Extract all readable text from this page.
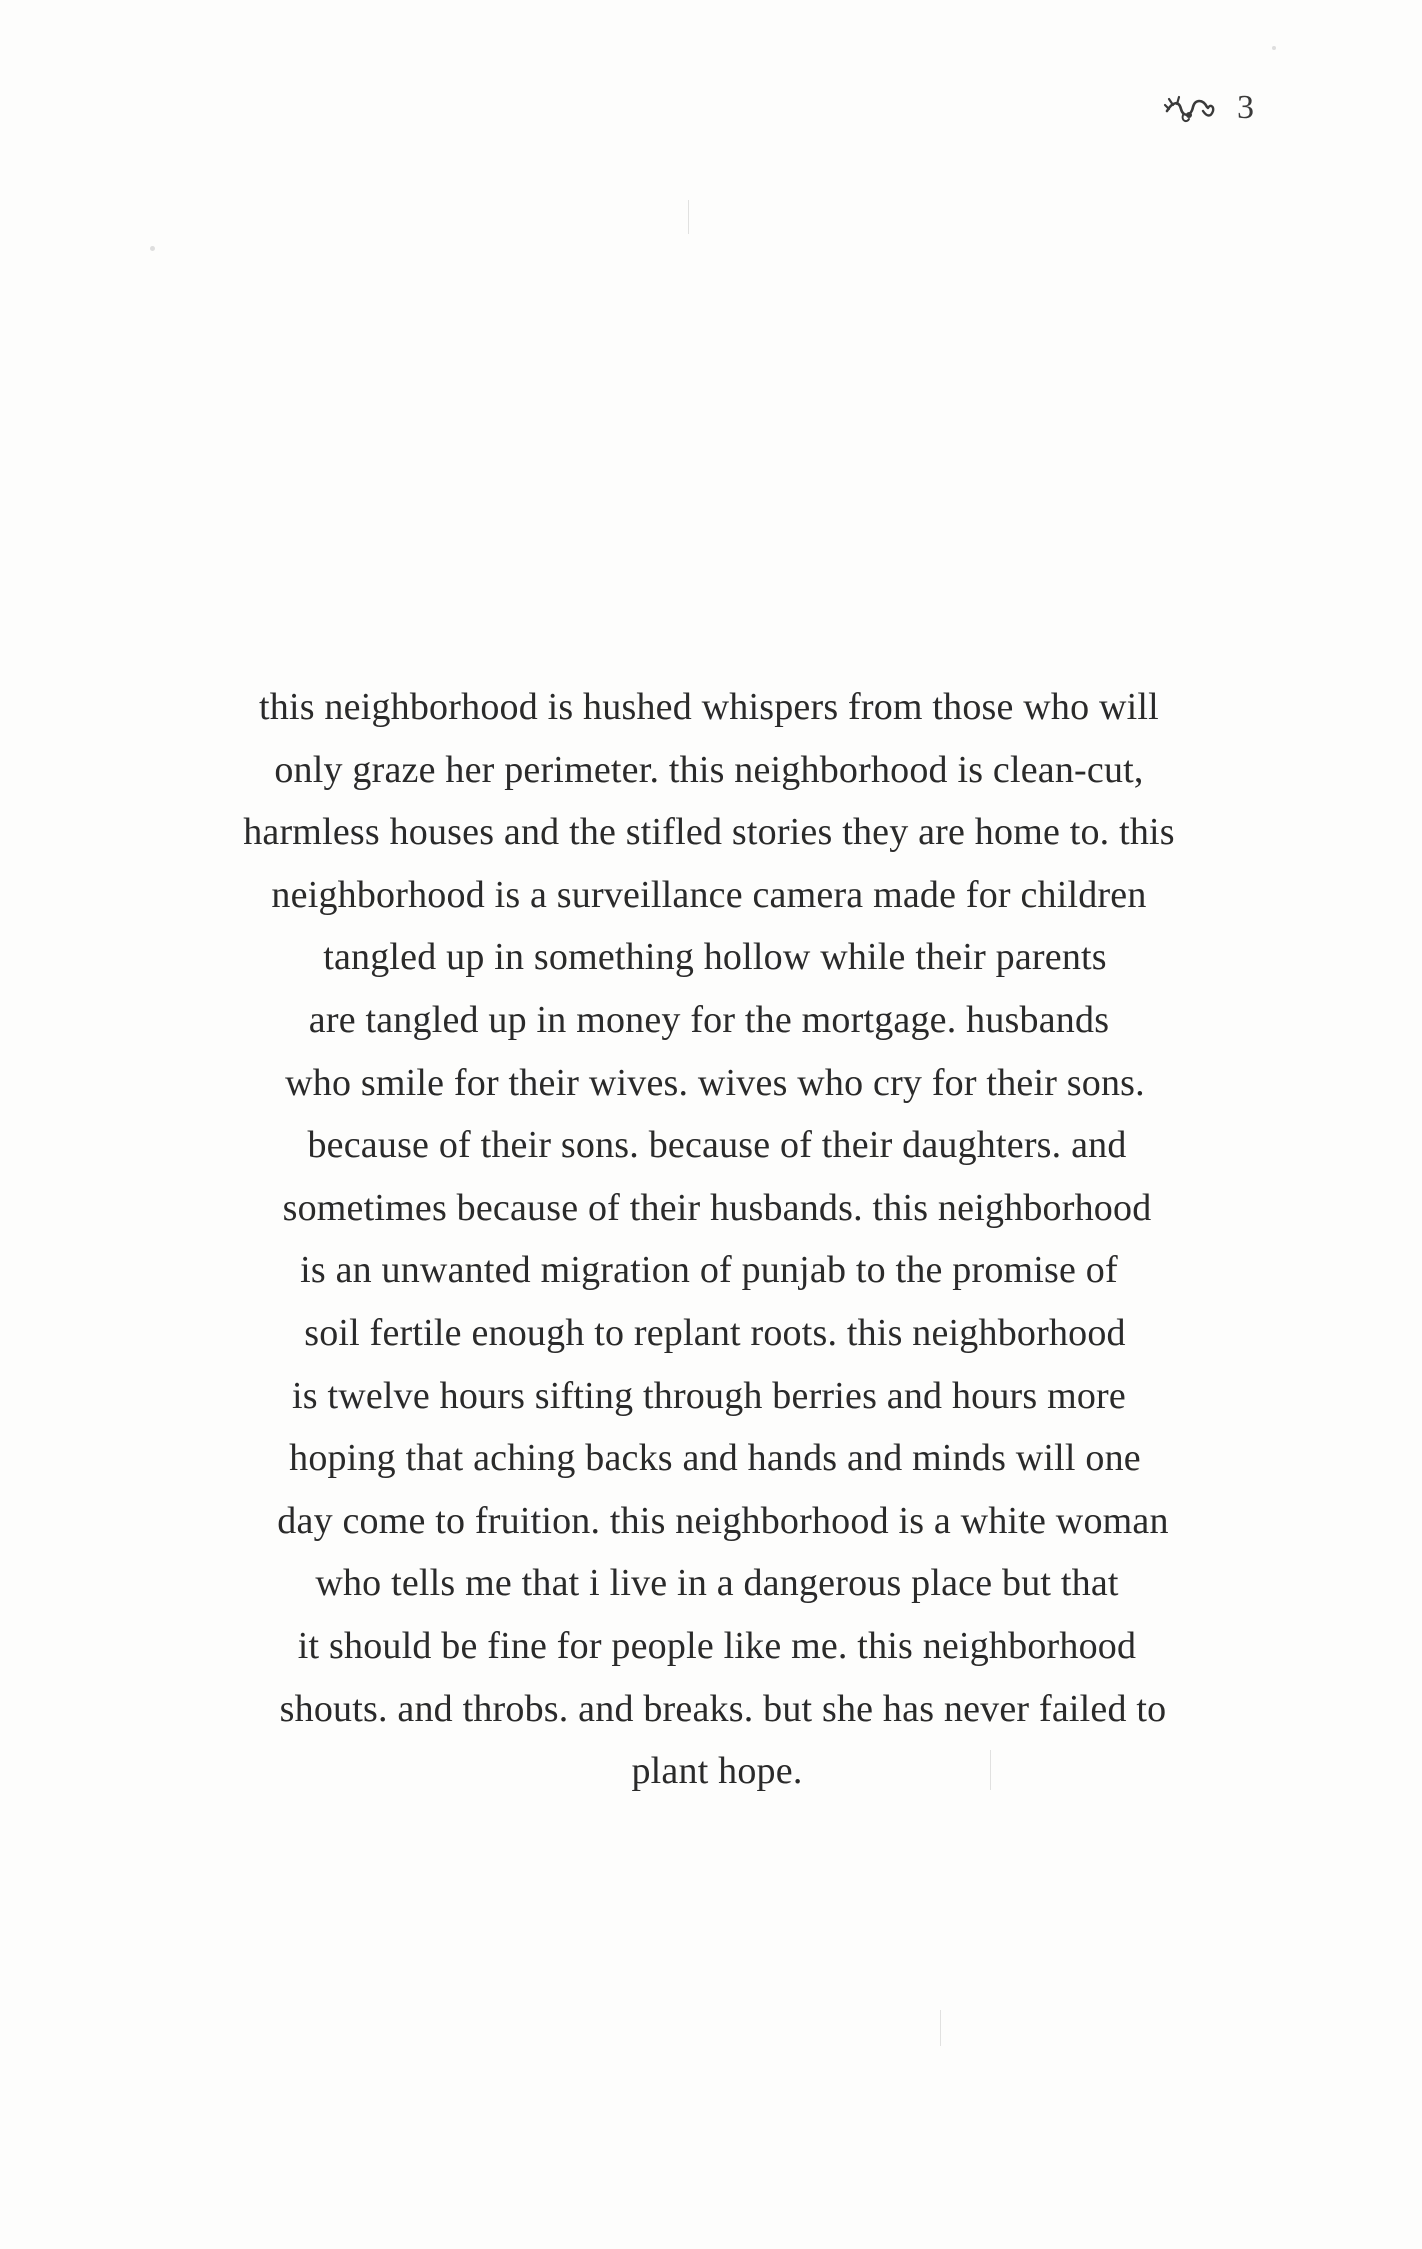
3
this neighborhood is hushed whispers from those who will
only graze her perimeter. this neighborhood is clean-cut,
harmless houses and the stifled stories they are home to. this
neighborhood is a surveillance camera made for children
tangled up in something hollow while their parents
are tangled up in money for the mortgage. husbands
who smile for their wives. wives who cry for their sons.
because of their sons. because of their daughters. and
sometimes because of their husbands. this neighborhood
is an unwanted migration of punjab to the promise of
soil fertile enough to replant roots. this neighborhood
is twelve hours sifting through berries and hours more
hoping that aching backs and hands and minds will one
day come to fruition. this neighborhood is a white woman
who tells me that i live in a dangerous place but that
it should be fine for people like me. this neighborhood
shouts. and throbs. and breaks. but she has never failed to
plant hope.
